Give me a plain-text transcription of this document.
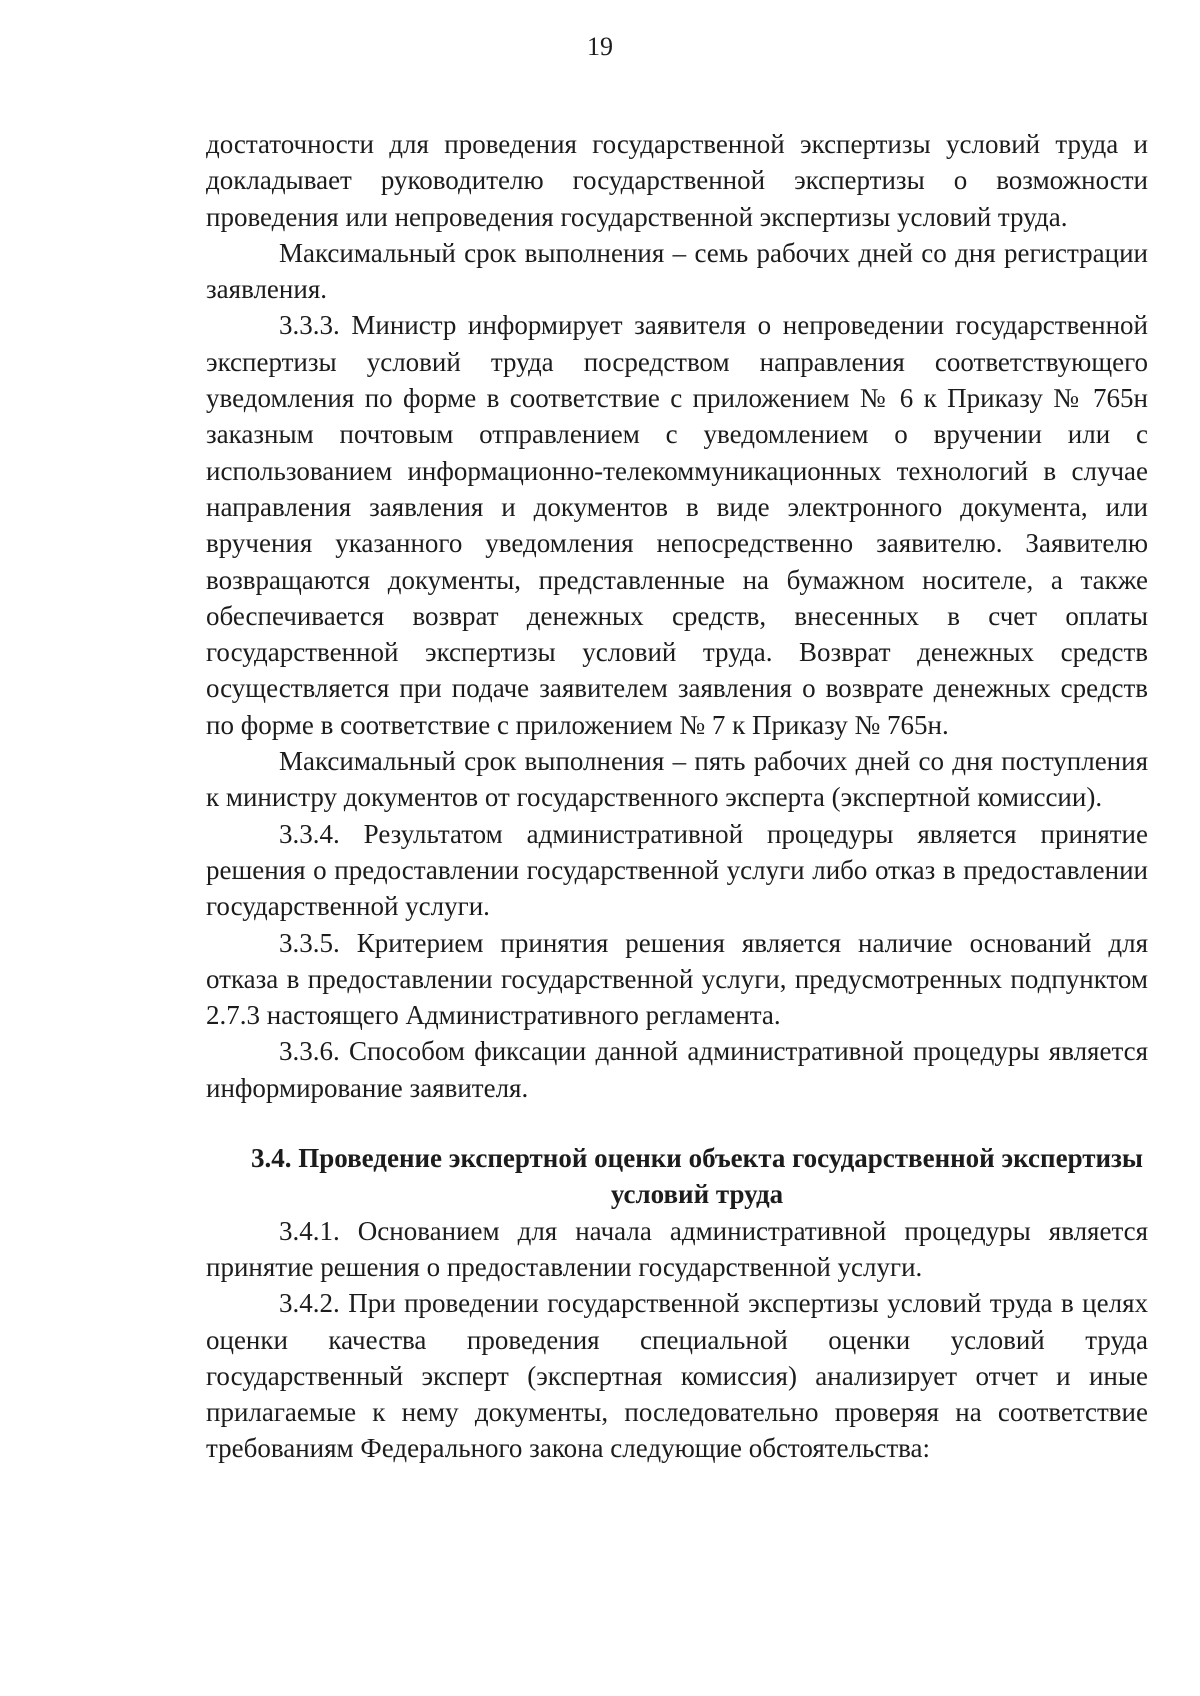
19

достаточности для проведения государственной экспертизы условий труда и докладывает руководителю государственной экспертизы о возможности проведения или непроведения государственной экспертизы условий труда.

Максимальный срок выполнения – семь рабочих дней со дня регистрации заявления.

3.3.3. Министр информирует заявителя о непроведении государственной экспертизы условий труда посредством направления соответствующего уведомления по форме в соответствие с приложением № 6 к Приказу № 765н заказным почтовым отправлением с уведомлением о вручении или с использованием информационно-телекоммуникационных технологий в случае направления заявления и документов в виде электронного документа, или вручения указанного уведомления непосредственно заявителю. Заявителю возвращаются документы, представленные на бумажном носителе, а также обеспечивается возврат денежных средств, внесенных в счет оплаты государственной экспертизы условий труда. Возврат денежных средств осуществляется при подаче заявителем заявления о возврате денежных средств по форме в соответствие с приложением № 7 к Приказу № 765н.

Максимальный срок выполнения – пять рабочих дней со дня поступления к министру документов от государственного эксперта (экспертной комиссии).

3.3.4. Результатом административной процедуры является принятие решения о предоставлении государственной услуги либо отказ в предоставлении государственной услуги.

3.3.5. Критерием принятия решения является наличие оснований для отказа в предоставлении государственной услуги, предусмотренных подпунктом 2.7.3 настоящего Административного регламента.

3.3.6. Способом фиксации данной административной процедуры является информирование заявителя.

3.4. Проведение экспертной оценки объекта государственной экспертизы условий труда

3.4.1. Основанием для начала административной процедуры является принятие решения о предоставлении государственной услуги.

3.4.2. При проведении государственной экспертизы условий труда в целях оценки качества проведения специальной оценки условий труда государственный эксперт (экспертная комиссия) анализирует отчет и иные прилагаемые к нему документы, последовательно проверяя на соответствие требованиям Федерального закона следующие обстоятельства:
